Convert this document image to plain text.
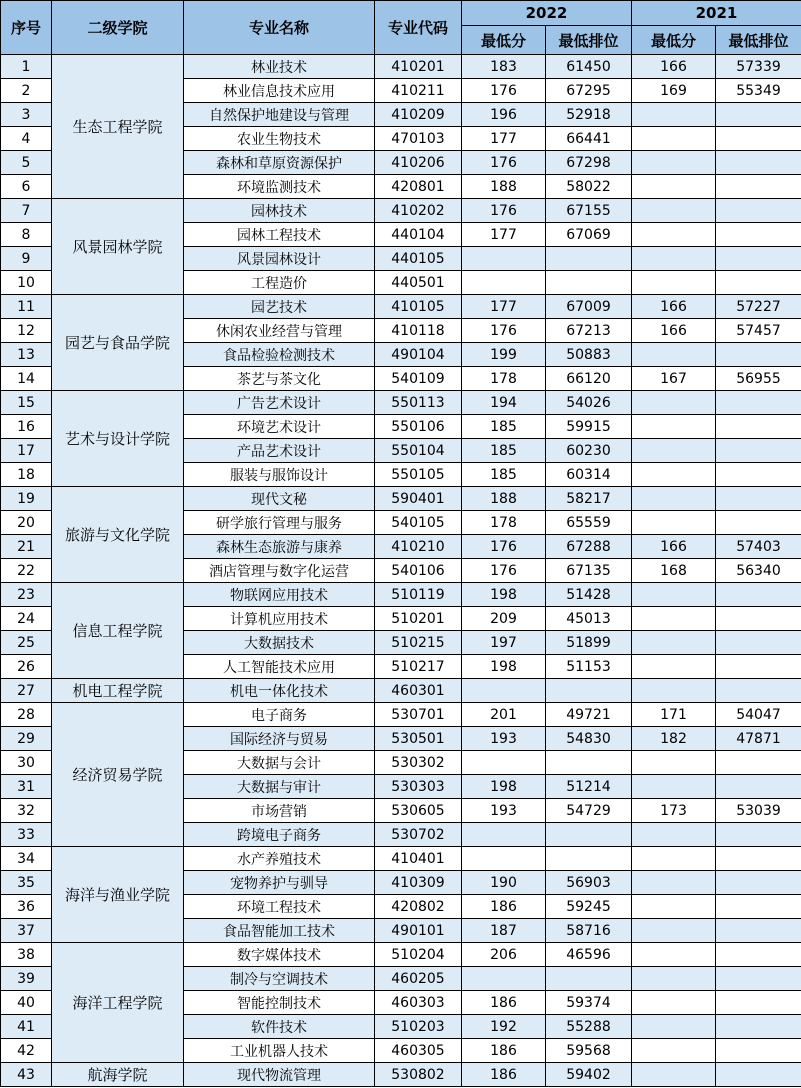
序号	二级学院	专业名称	专业代码	2022		2021	
				最低分	最低排位	最低分	最低排位
1	生态工程学院	林业技术	410201	183	61450	166	57339
2		林业信息技术应用	410211	176	67295	169	55349
3		自然保护地建设与管理	410209	196	52918		
4		农业生物技术	470103	177	66441		
5		森林和草原资源保护	410206	176	67298		
6		环境监测技术	420801	188	58022		
7	风景园林学院	园林技术	410202	176	67155		
8		园林工程技术	440104	177	67069		
9		风景园林设计	440105				
10		工程造价	440501				
11	园艺与食品学院	园艺技术	410105	177	67009	166	57227
12		休闲农业经营与管理	410118	176	67213	166	57457
13		食品检验检测技术	490104	199	50883		
14		茶艺与茶文化	540109	178	66120	167	56955
15	艺术与设计学院	广告艺术设计	550113	194	54026		
16		环境艺术设计	550106	185	59915		
17		产品艺术设计	550104	185	60230		
18		服装与服饰设计	550105	185	60314		
19	旅游与文化学院	现代文秘	590401	188	58217		
20		研学旅行管理与服务	540105	178	65559		
21		森林生态旅游与康养	410210	176	67288	166	57403
22		酒店管理与数字化运营	540106	176	67135	168	56340
23	信息工程学院	物联网应用技术	510119	198	51428		
24		计算机应用技术	510201	209	45013		
25		大数据技术	510215	197	51899		
26		人工智能技术应用	510217	198	51153		
27	机电工程学院	机电一体化技术	460301				
28	经济贸易学院	电子商务	530701	201	49721	171	54047
29		国际经济与贸易	530501	193	54830	182	47871
30		大数据与会计	530302				
31		大数据与审计	530303	198	51214		
32		市场营销	530605	193	54729	173	53039
33		跨境电子商务	530702				
34	海洋与渔业学院	水产养殖技术	410401				
35		宠物养护与驯导	410309	190	56903		
36		环境工程技术	420802	186	59245		
37		食品智能加工技术	490101	187	58716		
38	海洋工程学院	数字媒体技术	510204	206	46596		
39		制冷与空调技术	460205				
40		智能控制技术	460303	186	59374		
41		软件技术	510203	192	55288		
42		工业机器人技术	460305	186	59568		
43	航海学院	现代物流管理	530802	186	59402		
